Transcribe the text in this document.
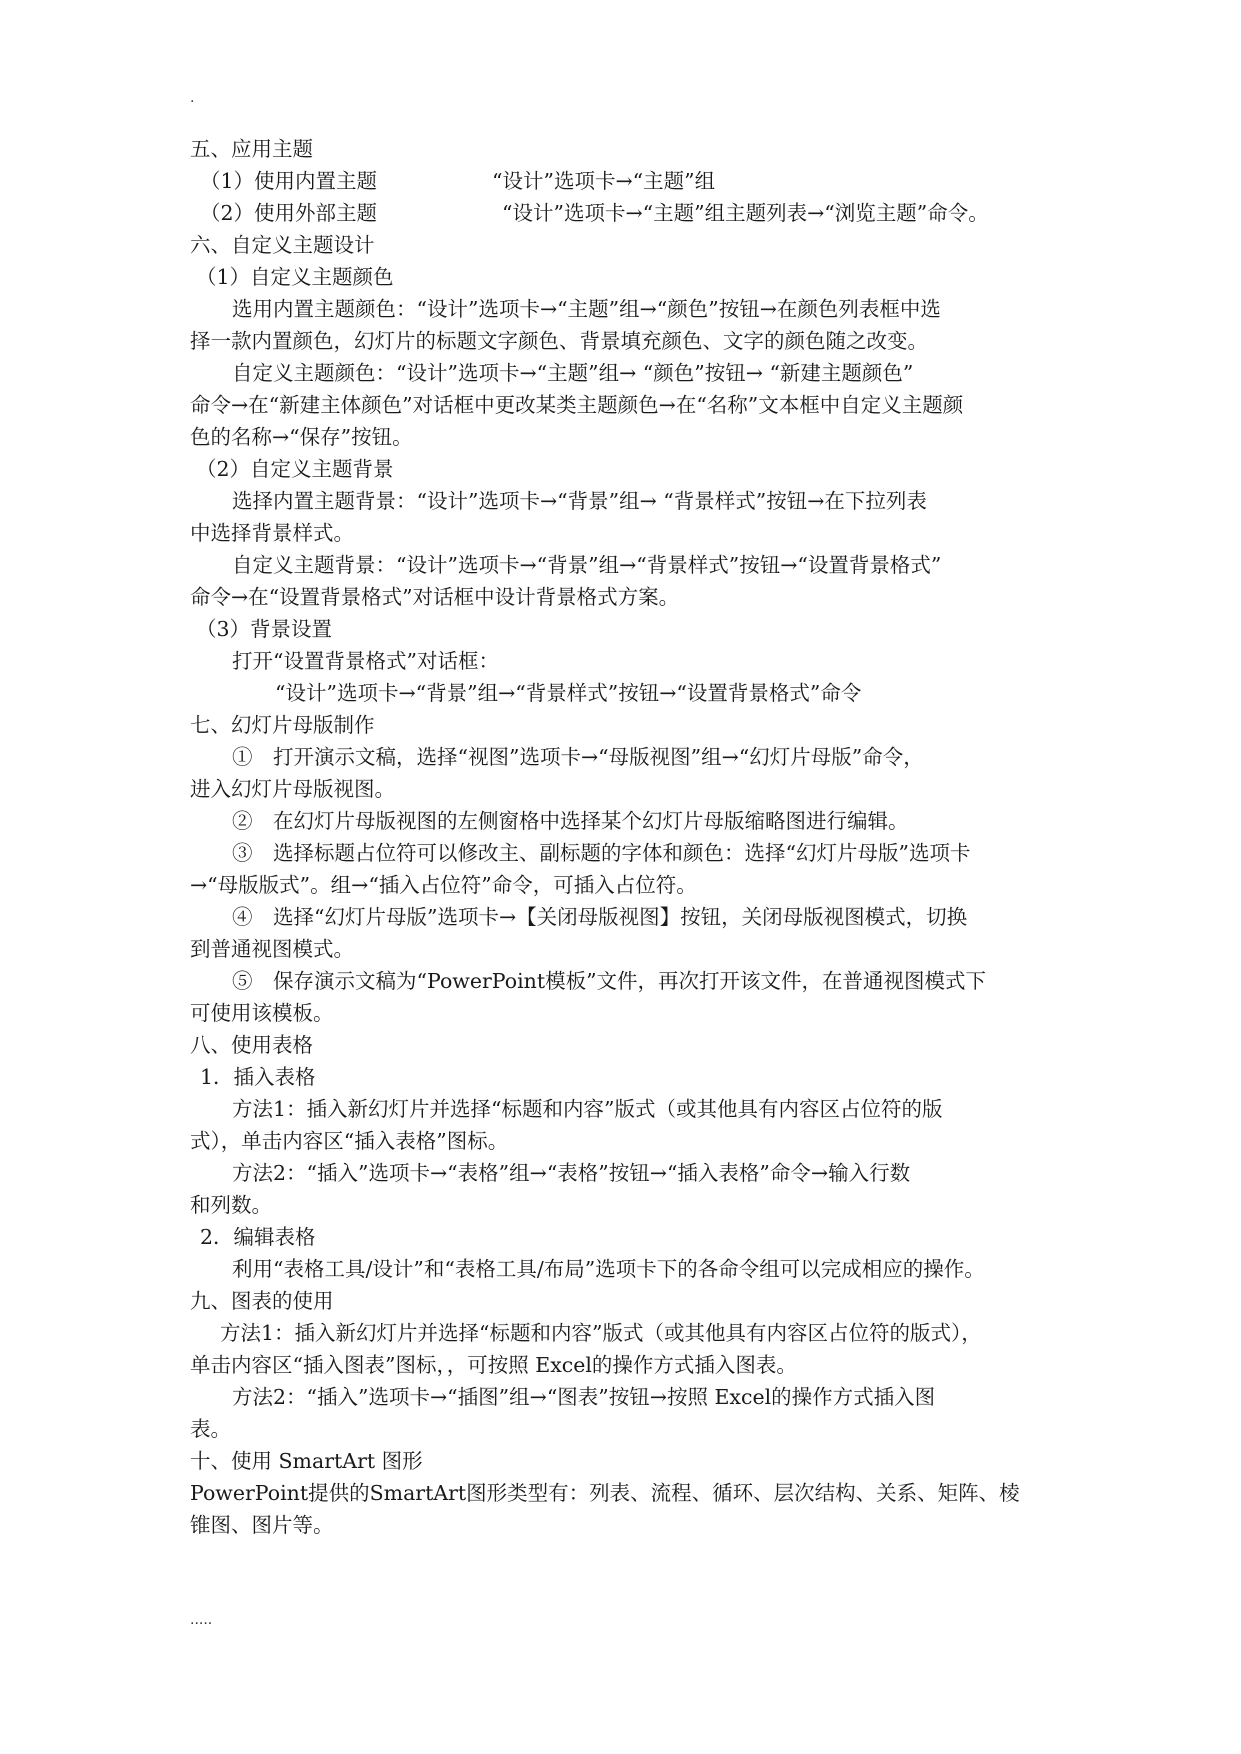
.
五、应用主题
（1）使用内置主题	“设计”选项卡→“主题”组
（2）使用外部主题	“设计”选项卡→“主题”组主题列表→“浏览主题”命令。
六、自定义主题设计
（1）自定义主题颜色
选用内置主题颜色：“设计”选项卡→“主题”组→“颜色”按钮→在颜色列表框中选
择一款内置颜色，幻灯片的标题文字颜色、背景填充颜色、文字的颜色随之改变。
自定义主题颜色：“设计”选项卡→“主题”组→ “颜色”按钮→ “新建主题颜色”
命令→在“新建主体颜色”对话框中更改某类主题颜色→在“名称”文本框中自定义主题颜
色的名称→“保存”按钮。
（2）自定义主题背景
选择内置主题背景：“设计”选项卡→“背景”组→ “背景样式”按钮→在下拉列表
中选择背景样式。
自定义主题背景：“设计”选项卡→“背景”组→“背景样式”按钮→“设置背景格式”
命令→在“设置背景格式”对话框中设计背景格式方案。
（3）背景设置
打开“设置背景格式”对话框：
“设计”选项卡→“背景”组→“背景样式”按钮→“设置背景格式”命令
七、幻灯片母版制作
①　打开演示文稿，选择“视图”选项卡→“母版视图”组→“幻灯片母版”命令，
进入幻灯片母版视图。
②　在幻灯片母版视图的左侧窗格中选择某个幻灯片母版缩略图进行编辑。
③　选择标题占位符可以修改主、副标题的字体和颜色：选择“幻灯片母版”选项卡
→“母版版式”。组→“插入占位符”命令，可插入占位符。
④　选择“幻灯片母版”选项卡→【关闭母版视图】按钮，关闭母版视图模式，切换
到普通视图模式。
⑤　保存演示文稿为“PowerPoint模板”文件，再次打开该文件，在普通视图模式下
可使用该模板。
八、使用表格
1．插入表格
方法1：插入新幻灯片并选择“标题和内容”版式（或其他具有内容区占位符的版
式），单击内容区“插入表格”图标。
方法2：“插入”选项卡→“表格”组→“表格”按钮→“插入表格”命令→输入行数
和列数。
2．编辑表格
利用“表格工具/设计”和“表格工具/布局”选项卡下的各命令组可以完成相应的操作。
九、图表的使用
方法1：插入新幻灯片并选择“标题和内容”版式（或其他具有内容区占位符的版式），
单击内容区“插入图表”图标，，可按照 Excel的操作方式插入图表。
方法2：“插入”选项卡→“插图”组→“图表”按钮→按照 Excel的操作方式插入图
表。
十、使用 SmartArt 图形
PowerPoint提供的SmartArt图形类型有：列表、流程、循环、层次结构、关系、矩阵、棱
锥图、图片等。
.....
